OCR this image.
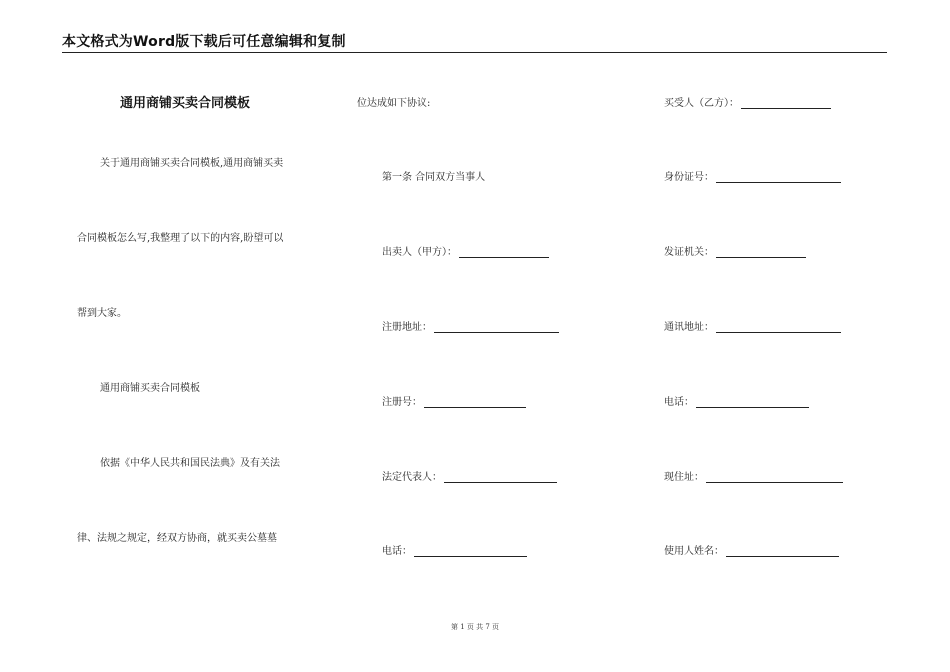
本文格式为Word版下载后可任意编辑和复制
通用商铺买卖合同模板
关于通用商铺买卖合同模板,通用商铺买卖
合同模板怎么写,我整理了以下的内容,盼望可以
帮到大家。
通用商铺买卖合同模板
依据《中华人民共和国民法典》及有关法
律、法规之规定，经双方协商，就买卖公墓墓
位达成如下协议:
第一条 合同双方当事人
出卖人（甲方）：
注册地址：
注册号：
法定代表人：
电话：
买受人（乙方）：
身份证号：
发证机关：
通讯地址：
电话：
现住址：
使用人姓名：
第 1 页 共 7 页
